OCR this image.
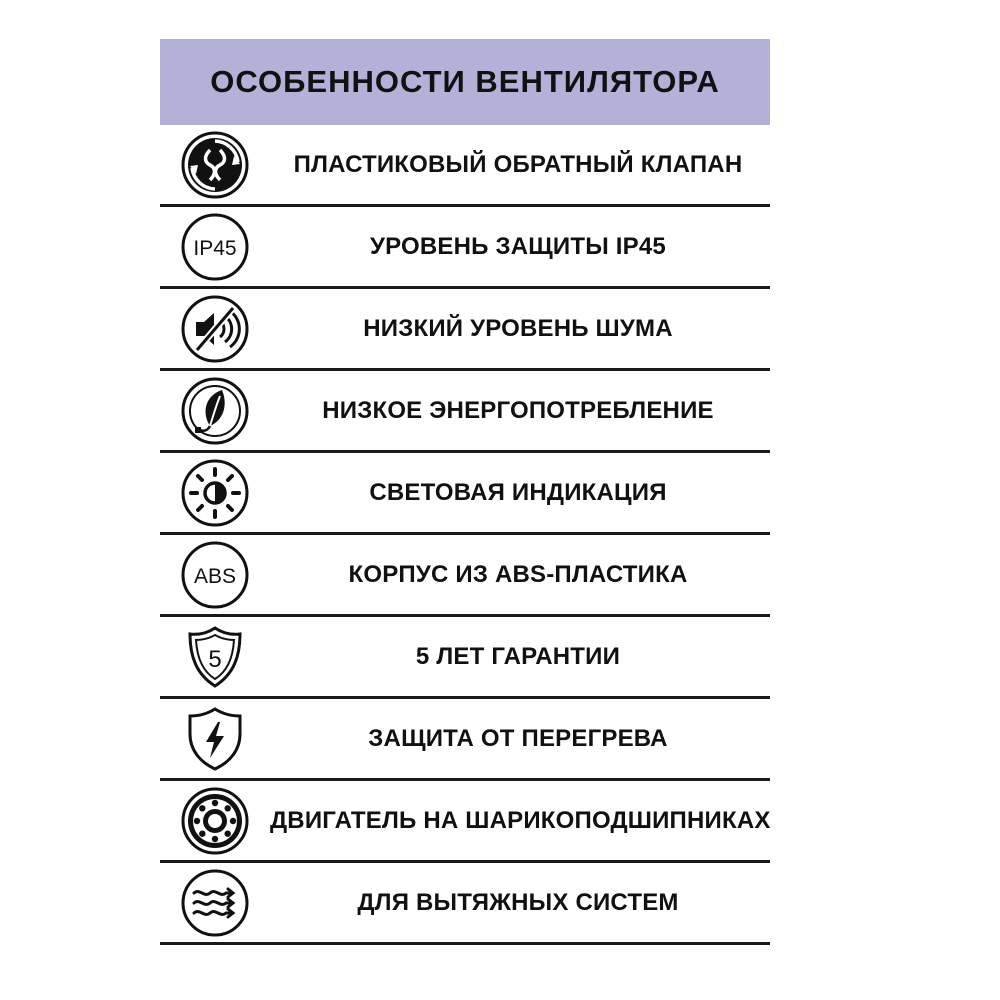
ОСОБЕННОСТИ ВЕНТИЛЯТОРА
ПЛАСТИКОВЫЙ ОБРАТНЫЙ КЛАПАН
IP45	УРОВЕНЬ ЗАЩИТЫ IP45
НИЗКИЙ УРОВЕНЬ ШУМА
НИЗКОЕ ЭНЕРГОПОТРЕБЛЕНИЕ
СВЕТОВАЯ ИНДИКАЦИЯ
ABS	КОРПУС ИЗ ABS-ПЛАСТИКА
5	5 ЛЕТ ГАРАНТИИ
ЗАЩИТА ОТ ПЕРЕГРЕВА
ДВИГАТЕЛЬ НА ШАРИКОПОДШИПНИКАХ
ДЛЯ ВЫТЯЖНЫХ СИСТЕМ
